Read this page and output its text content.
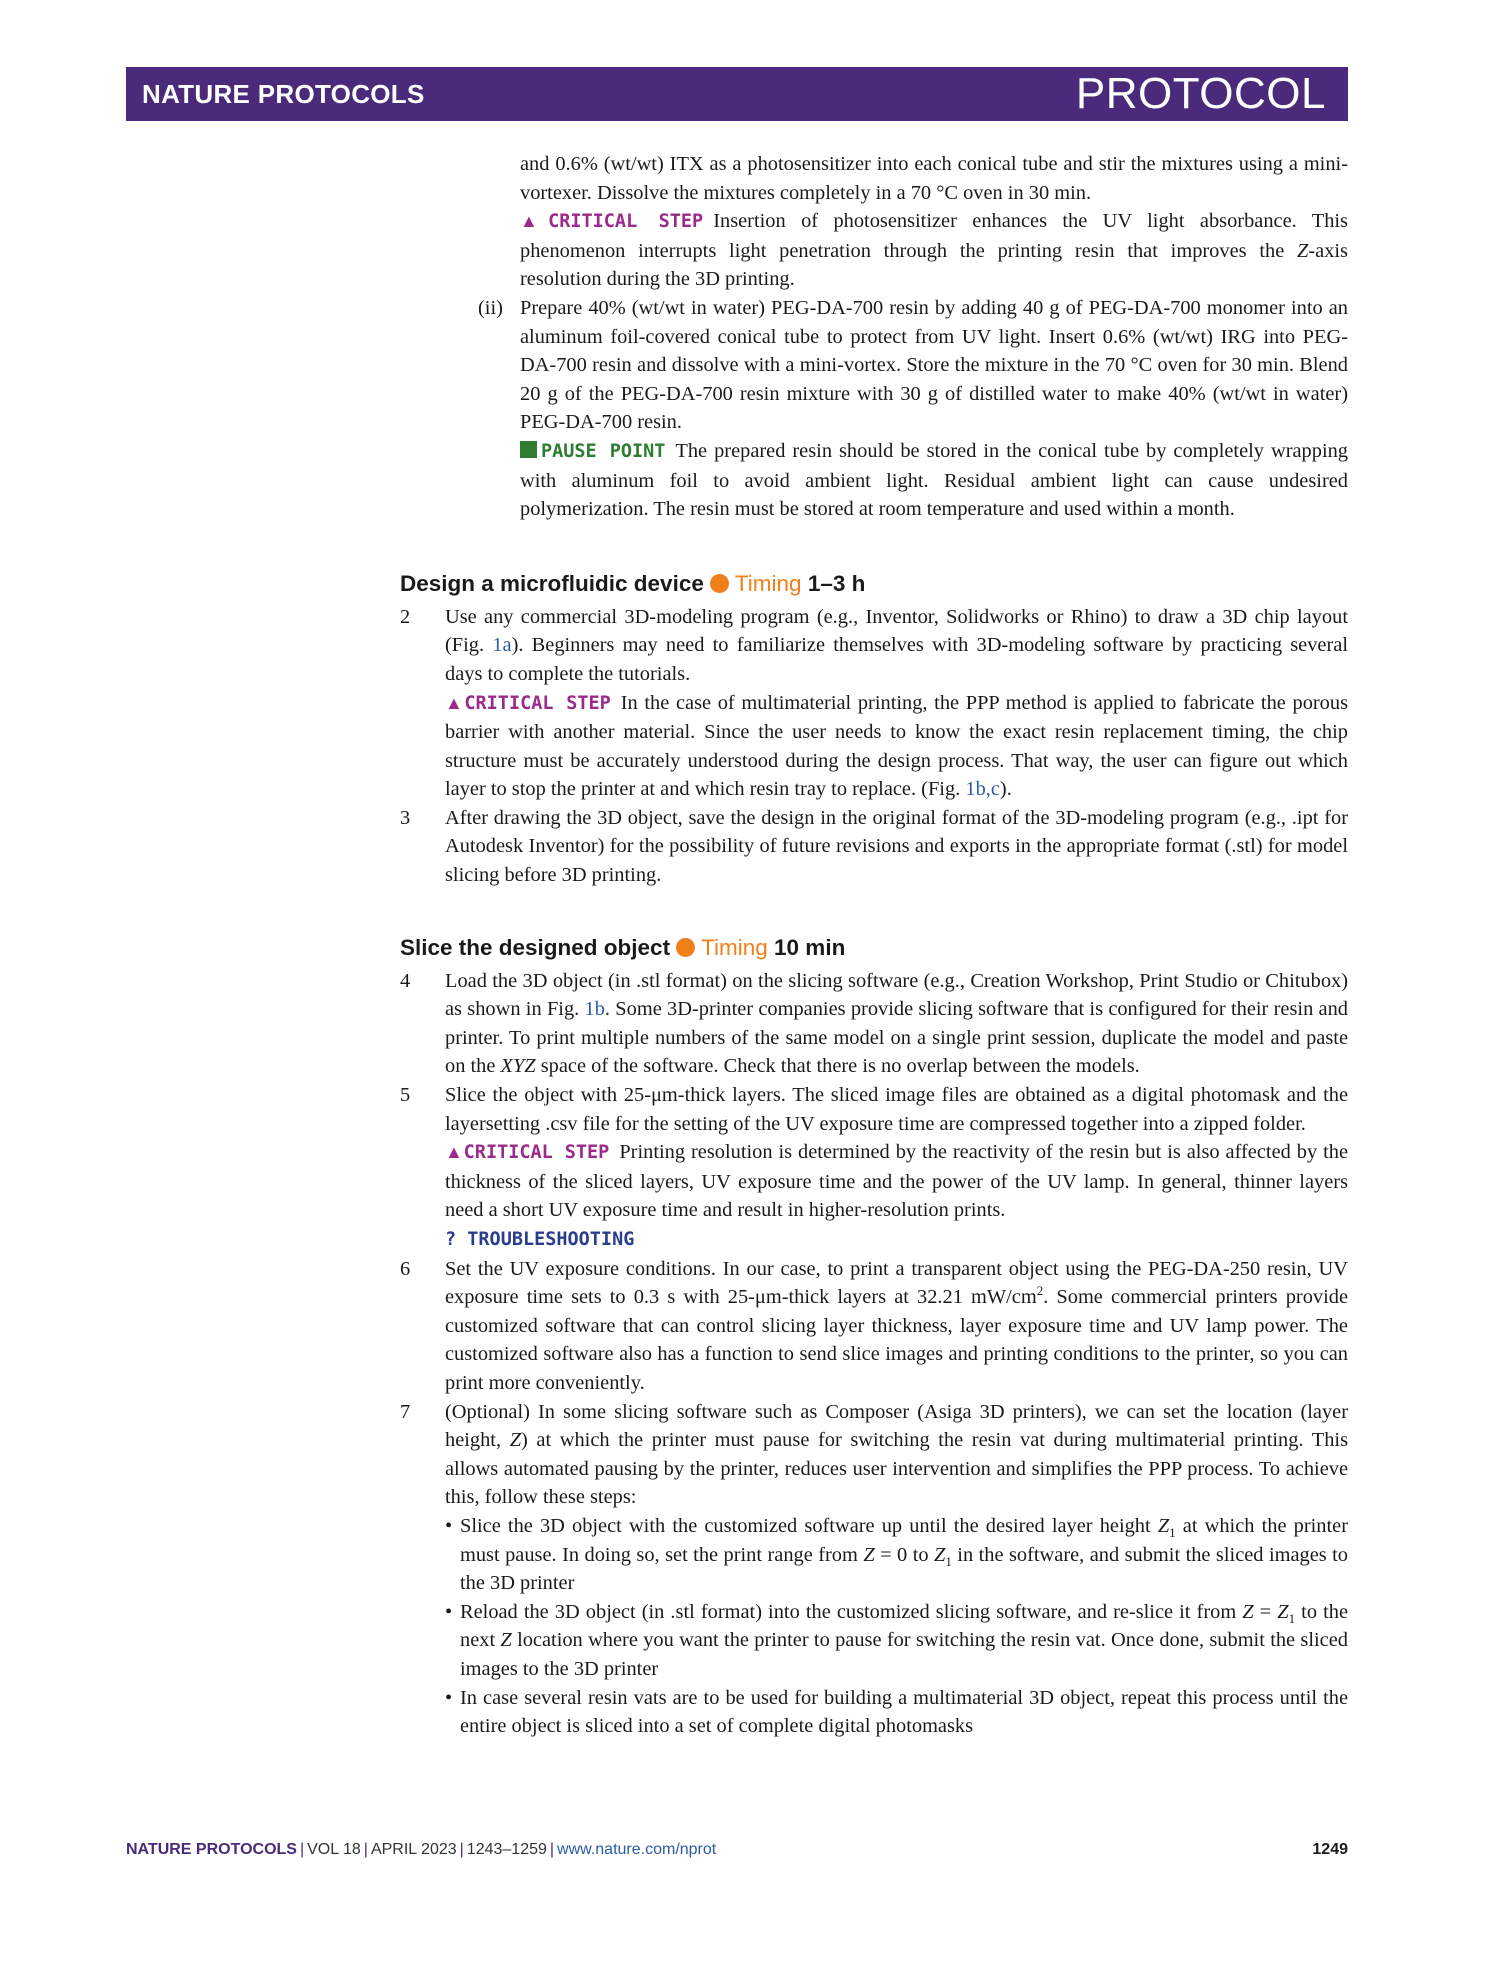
NATURE PROTOCOLS	PROTOCOL

and 0.6% (wt/wt) ITX as a photosensitizer into each conical tube and stir the mixtures using a mini-vortexer. Dissolve the mixtures completely in a 70 °C oven in 30 min.

▲CRITICAL STEP Insertion of photosensitizer enhances the UV light absorbance. This phenomenon interrupts light penetration through the printing resin that improves the Z-axis resolution during the 3D printing.

(ii) Prepare 40% (wt/wt in water) PEG-DA-700 resin by adding 40 g of PEG-DA-700 monomer into an aluminum foil-covered conical tube to protect from UV light. Insert 0.6% (wt/wt) IRG into PEG-DA-700 resin and dissolve with a mini-vortex. Store the mixture in the 70 °C oven for 30 min. Blend 20 g of the PEG-DA-700 resin mixture with 30 g of distilled water to make 40% (wt/wt in water) PEG-DA-700 resin.

PAUSE POINT The prepared resin should be stored in the conical tube by completely wrapping with aluminum foil to avoid ambient light. Residual ambient light can cause undesired polymerization. The resin must be stored at room temperature and used within a month.

Design a microfluidic device Timing 1–3 h
2 Use any commercial 3D-modeling program (e.g., Inventor, Solidworks or Rhino) to draw a 3D chip layout (Fig. 1a). Beginners may need to familiarize themselves with 3D-modeling software by practicing several days to complete the tutorials.

▲CRITICAL STEP In the case of multimaterial printing, the PPP method is applied to fabricate the porous barrier with another material. Since the user needs to know the exact resin replacement timing, the chip structure must be accurately understood during the design process. That way, the user can figure out which layer to stop the printer at and which resin tray to replace. (Fig. 1b,c).

3 After drawing the 3D object, save the design in the original format of the 3D-modeling program (e.g., .ipt for Autodesk Inventor) for the possibility of future revisions and exports in the appropriate format (.stl) for model slicing before 3D printing.

Slice the designed object Timing 10 min
4 Load the 3D object (in .stl format) on the slicing software (e.g., Creation Workshop, Print Studio or Chitubox) as shown in Fig. 1b. Some 3D-printer companies provide slicing software that is configured for their resin and printer. To print multiple numbers of the same model on a single print session, duplicate the model and paste on the XYZ space of the software. Check that there is no overlap between the models.

5 Slice the object with 25-μm-thick layers. The sliced image files are obtained as a digital photomask and the layersetting .csv file for the setting of the UV exposure time are compressed together into a zipped folder.

▲CRITICAL STEP Printing resolution is determined by the reactivity of the resin but is also affected by the thickness of the sliced layers, UV exposure time and the power of the UV lamp. In general, thinner layers need a short UV exposure time and result in higher-resolution prints.

? TROUBLESHOOTING

6 Set the UV exposure conditions. In our case, to print a transparent object using the PEG-DA-250 resin, UV exposure time sets to 0.3 s with 25-μm-thick layers at 32.21 $mW/cm^2$. Some commercial printers provide customized software that can control slicing layer thickness, layer exposure time and UV lamp power. The customized software also has a function to send slice images and printing conditions to the printer, so you can print more conveniently.

7 (Optional) In some slicing software such as Composer (Asiga 3D printers), we can set the location (layer height, Z) at which the printer must pause for switching the resin vat during multimaterial printing. This allows automated pausing by the printer, reduces user intervention and simplifies the PPP process. To achieve this, follow these steps:

• Slice the 3D object with the customized software up until the desired layer height $Z_1$ at which the printer must pause. In doing so, set the print range from Z = 0 to $Z_1$ in the software, and submit the sliced images to the 3D printer

• Reload the 3D object (in .stl format) into the customized slicing software, and re-slice it from $Z = Z_1$ to the next Z location where you want the printer to pause for switching the resin vat. Once done, submit the sliced images to the 3D printer

• In case several resin vats are to be used for building a multimaterial 3D object, repeat this process until the entire object is sliced into a set of complete digital photomasks

NATURE PROTOCOLS | VOL 18 | APRIL 2023 | 1243–1259 | www.nature.com/nprot	1249
